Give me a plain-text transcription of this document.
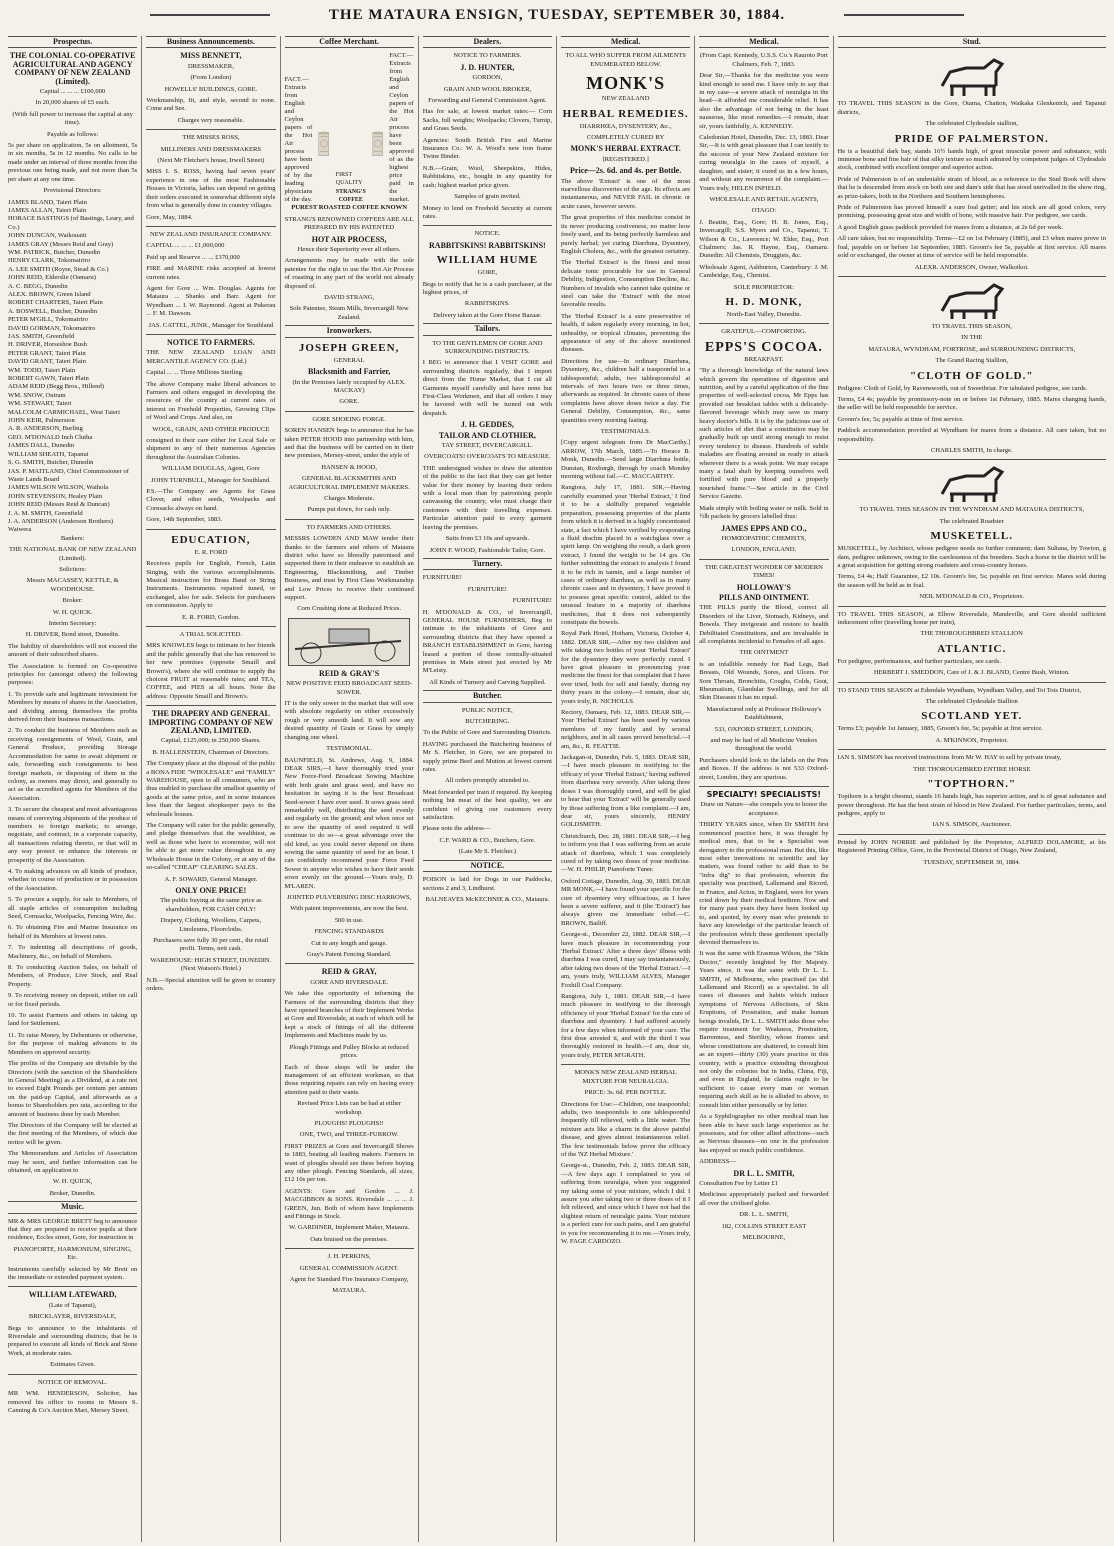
THE MATAURA ENSIGN, TUESDAY, SEPTEMBER 30, 1884.
Prospectus.
THE COLONIAL CO-OPERATIVE AGRICULTURAL AND AGENCY COMPANY OF NEW ZEALAND (Limited).

Capital ... ... ... £100,000

In 20,000 shares of £5 each.

(With full power to increase the capital at any time).

Payable as follows:

5s per share on application, 5s on allotment, 5s in six months, 5s in 12 months. No calls to be made under an interval of three months from the previous one being made, and not more than 5s per share at any one time.

Provisional Directors:

JAMES BLAND, Taieri Plain

JAMES ALLAN, Taieri Plain

HORACE BASTINGS (of Bastings, Leary, and Co.)

JOHN DUNCAN, Waikouaiti

JAMES GRAY (Messrs Reid and Gray)

WM. PATRICK, Butcher, Dunedin

HENRY CLARK, Tokomairiro

A. LEE SMITH (Royse, Stead & Co.)

JOHN REID, Elderslie (Oamaru)

A. C. BEGG, Dunedin

ALEX. BROWN, Green Island

ROBERT CHARTERS, Taieri Plain

A. BOSWELL, Butcher, Dunedin

PETER M'GILL, Tokomairiro

DAVID GORMAN, Tokomairiro

JAS. SMITH, Greenfield

H. DRIVER, Horseshoe Bush

PETER GRANT, Taieri Plain

DAVID GRANT, Taieri Plain

WM. TODD, Taieri Plain

ROBERT GAWN, Taieri Plain

ADAM REID (Begg Bros., Hillend)

WM. SNOW, Outram

WM. STEWART, Taieri

MALCOLM CARMICHAEL, West Taieri

JOHN KEIR, Palmerston

A. R. ANDERSON, Burling

GEO. M'DONALD Inch Clutha

JAMES DALL, Dunedin

WILLIAM SHEATH, Tapanui

S. G. SMITH, Butcher, Dunedin

JAS. P. MAITLAND, Chief Commissioner of Waste Lands Board

JAMES WILSON WILSON, Waihola

JOHN STEVENSON, Healey Plain

JOHN REID (Messrs Reid & Duncan)

J. A. M. SMITH, Greenfield

J. A. ANDERSON (Anderson Brothers) Waiwera

Bankers:

THE NATIONAL BANK OF NEW ZEALAND (Limited).

Solicitors:

Messrs MACASSEY, KETTLE, & WOODHOUSE.

Broker:

W. H. QUICK.

Interim Secretary:

H. DRIVER, Bond street, Dunedin.

The liability of shareholders will not exceed the amount of their subscribed shares.

The Association is formed on Co-operative principles for (amongst others) the following purposes:

1. To provide safe and legitimate investment for Members by means of shares in the Association, and dividing among themselves the profits derived from their business transactions.

2. To conduct the business of Members such as receiving consignments of Wool, Grain, and General Produce, providing Storage Accommodation for same to await shipment or sale, forwarding such consignments to best foreign markets, or disposing of them in the colony, as owners may direct, and generally to act as the accredited agents for Members of the Association.

3. To secure the cheapest and most advantageous means of conveying shipments of the produce of members to foreign markets; to arrange, negotiate, and contract, in a corporate capacity, all transactions relating thereto, or that will in any way protect or enhance the interests or prosperity of the Association.

4. To making advances on all kinds of produce, whether in course of production or in possession of the Association.

5. To procure a supply, for sale to Members, of all staple articles of consumption including Seed, Cornsacks, Woolpacks, Fencing Wire, &c.

6. To obtaining Fire and Marine Insurance on behalf of its Members at lowest rates.

7. To indenting all descriptions of goods, Machinery, &c., on behalf of Members.

8. To conducting Auction Sales, on behalf of Members, of Produce, Live Stock, and Real Property.

9. To receiving money on deposit, either on call or for fixed periods.

10. To assist Farmers and others in taking up land for Settlement.

11. To raise Money, by Debentures or otherwise, for the purpose of making advances to its Members on approved security.

The profits of the Company are divisible by the Directors (with the sanction of the Shareholders in General Meeting) as a Dividend, at a rate not to exceed Eight Pounds per centum per annum on the paid-up Capital, and afterwards as a bonus to Shareholders pro rata, according to the amount of business done by each Member.

The Directors of the Company will be elected at the first meeting of the Members, of which due notice will be given.

The Memorandum and Articles of Association may be seen, and further information can be obtained, on application to

W. H. QUICK,

Broker, Dunedin.

Music.

MR & MRS GEORGE BRETT beg to announce that they are prepared to receive pupils at their residence, Eccles street, Gore, for instruction in

PIANOFORTE, HARMONIUM, SINGING, Etc.

Instruments carefully selected by Mr Brett on the immediate or extended payment system.

WILLIAM LATEWARD,

(Late of Tapanui),

BRICKLAYER, RIVERSDALE,

Begs to announce to the inhabitants of Riversdale and surrounding districts, that he is prepared to execute all kinds of Brick and Stone Work, at moderate rates.

Estimates Given.

NOTICE OF REMOVAL.

MR WM. HENDERSON, Solicitor, has removed his office to rooms in Messrs S. Canning & Co's Auction Mart, Mersey Street.

Business Announcements.
MISS BENNETT,

DRESSMAKER,

(From London)

HOWELLS' BUILDINGS, GORE.

Workmanship, fit, and style, second to none. Come and See.

Charges very reasonable.

THE MISSES ROSS,

MILLINERS AND DRESSMAKERS

(Next Mr Fletcher's house, Irwell Street)

MISS I. S. ROSS, having had seven years' experience in one of the most Fashionable Houses in Victoria, ladies can depend on getting their orders executed in somewhat different style from what is generally done in country villages.

Gore, May, 1884.

NEW ZEALAND INSURANCE COMPANY.

CAPITAL ... ... ... £1,000,000

Paid up and Reserve ... ... £370,000

FIRE and MARINE risks accepted at lowest current rates.

Agent for Gore ... Wm. Douglas. Agents for Mataura ... Shanks and Barr. Agent for Wyndham ... I. W. Raymond. Agent at Pukerau ... F. M. Dawson.

JAS. CATTEL, JUNR., Manager for Southland

NOTICE TO FARMERS.

THE NEW ZEALAND LOAN AND MERCANTILE AGENCY CO. (Ltd.)

Capital ... ... Three Millions Sterling.

The above Company make liberal advances to Farmers and others engaged in developing the resources of the country at current rates of interest on Freehold Properties, Growing Clips of Wool and Crops. And also, on

WOOL, GRAIN, AND OTHER PRODUCE

consigned to their care either for Local Sale or shipment to any of their numerous Agencies throughout the Australian Colonies.

WILLIAM DOUGLAS, Agent, Gore

JOHN TURNBULL, Manager for Southland.

P.S.—The Company are Agents for Grass Clover, and other seeds, Woolpacks and Cornsacks always on hand.

Gore, 14th September, 1883.

EDUCATION,

E. R. FORD

Receives pupils for English, French, Latin Singing, with the various accomplishments. Musical instruction for Brass Band or String Instruments. Instruments repaired tuned, or exchanged, also for sale. Selects for purchasers on commission. Apply to

E. R. FORD, Gordon.

A TRIAL SOLICITED.

MRS KNOWLES begs to intimate to her friends and the public generally that she has removed to her new premises (opposite Smaill and Brown's), where she will continue to supply the choicest FRUIT at reasonable rates; and TEA, COFFEE, and PIES at all hours. Note the address: Opposite Smaill and Brown's.

THE DRAPERY AND GENERAL IMPORTING COMPANY OF NEW ZEALAND, LIMITED.

Capital, £125,000; in 250,000 Shares.

B. HALLENSTEIN, Chairman of Directors.

The Company place at the disposal of the public a BONA FIDE "WHOLESALE" and "FAMILY" WAREHOUSE, open to all consumers, who are thus enabled to purchase the smallest quantity of goods at the same price, and in some instances less than the largest shopkeeper pays to the wholesale houses.

The Company will cater for the public generally, and pledge themselves that the wealthiest, as well as those who have to economise, will not be able to get more value throughout in any Wholesale House in the Colony, or at any of the so-called "CHEAP" CLEARING SALES.

A. F. SOWARD, General Manager.

ONLY ONE PRICE!

The public buying at the same price as shareholders, FOR CASH ONLY!

Drapery, Clothing, Woollens, Carpets, Linoleums, Floorcloths.

Purchasers save fully 30 per cent., the retail profit. Terms, nett cash.

WAREHOUSE: HIGH STREET, DUNEDIN. (Next Watson's Hotel.)

N.B.—Special attention will be given to country orders.

Coffee Merchant.
FACT.—Extracts from English and Ceylon papers of the Hot Air process have been approved of by the leading physicians of the day.
FIRST QUALITY
STRANG'S
COFFEE
FACT.—Extracts from English and Ceylon papers of the Hot Air process have been approved of as the highest price paid in the market.

PUREST ROASTED COFFEE KNOWN

STRANG'S RENOWNED COFFEES ARE ALL PREPARED BY HIS PATENTED

HOT AIR PROCESS,

Hence their Superiority over all others.

Arrangements may be made with the sole patentee for the right to use the Hot Air Process of roasting in any part of the world not already disposed of.

DAVID STRANG,

Sole Patentee, Steam Mills, Invercargill New Zealand.

Ironworkers.
JOSEPH GREEN,

GENERAL

Blacksmith and Farrier,

(In the Premises lately occupied by ALEX. MACKAY)

GORE.

GORE SHOEING FORGE.

SOREN HANSEN begs to announce that he has taken PETER HOOD into partnership with him, and that the business will be carried on in their new premises, Mersey-street, under the style of

HANSEN & HOOD,

GENERAL BLACKSMITHS AND AGRICULTURAL IMPLEMENT MAKERS.

Charges Moderate.

Pumps put down, for cash only.

TO FARMERS AND OTHERS.

MESSRS LOWDEN AND MAW tender their thanks to the farmers and others of Mataura district who have so liberally patronised and supported them in their endeavor to establish an Engineering, Blacksmithing, and Timber Business, and trust by First Class Workmanship and Low Prices to receive their continued support.

Corn Crushing done at Reduced Prices.

REID & GRAY'S

NEW POSITIVE FEED BROADCAST SEED-SOWER.

IT is the only sower in the market that will sow with absolute regularity on either excessively rough or very smooth land. It will sow any desired quantity of Grain or Grass by simply changing one wheel.

TESTIMONIAL.

BAUNFIELD, St. Andrews, Aug. 9, 1884. DEAR SIRS,—I have thoroughly tried your New Force-Feed Broadcast Sowing Machine with both grain and grass seed, and have no hesitation in saying it is the best Broadcast Seed-sower I have ever used. It sows grass seed remarkably well, distributing the seed evenly and regularly on the ground; and when once set to sow the quantity of seed required it will continue to do so—a great advantage over the old kind, as you could never depend on them sowing the same quantity of seed for an hour. I can confidently recommend your Force Feed Sower to anyone who wishes to have their seeds sown evenly on the ground.—Yours truly, D. M'LAREN.

JOINTED PULVERISING DISC HARROWS,

With patent improvements, are now the best.

500 in use.

FENCING STANDARDS

Cut to any length and gauge.

Gray's Patent Fencing Standard.

REID & GRAY,

GORE AND RIVERSDALE.

We take this opportunity of informing the Farmers of the surrounding districts that they have opened branches of their Implement Works at Gore and Riversdale, at each of which will be kept a stock of fittings of all the different Implements and Machines made by us.

Plough Fittings and Pulley Blocks at reduced prices.

Each of these shops will be under the management of an efficient workman, so that those requiring repairs can rely on having every attention paid to their wants.

Revised Price Lists can be had at either workshop.

PLOUGHS! PLOUGHS!!

ONE, TWO, and THREE-FURROW.

FIRST PRIZES at Gore and Invercargill Shows in 1883, beating all leading makers. Farmers in want of ploughs should see these before buying any other plough. Fencing Standards, all sizes, £12 10s per ton.

AGENTS: Gore and Gordon ... J. MACGIBBON & SONS. Riversdale ... ... ... J. GREEN, Jun. Both of whom have Implements and Fittings in Stock.

W. GARDINER, Implement Maker, Mataura.

Oats bruised on the premises.

J. H. PERKINS,

GENERAL COMMISSION AGENT.

Agent for Standard Fire Insurance Company,

MATAURA.

Dealers.

NOTICE TO FARMERS.

J. D. HUNTER,

GORDON,

GRAIN AND WOOL BROKER,

Forwarding and General Commission Agent.

Has for sale, at lowest market rates:— Corn Sacks, full weights; Woolpacks; Clovers, Turnip, and Grass Seeds.

Agencies: South British Fire and Marine Insurance Co.: W. A. Wood's new iron frame Twine Binder.

N.B.—Grain, Wool, Sheepskins, Hides, Rabbitskins, etc., bought in any quantity for cash; highest market price given.

Samples of grain invited.

Money to lend on Freehold Security at current rates.

NOTICE.

RABBITSKINS! RABBITSKINS!
WILLIAM HUME

GORE,

Begs to notify that he is a cash purchaser, at the highest prices, of

RABBITSKINS.

Delivery taken at the Gore Horse Bazaar.

Tailors.

TO THE GENTLEMEN OF GORE AND SURROUNDING DISTRICTS.

I BEG to announce that I VISIT GORE and surrounding districts regularly, that I import direct from the Home Market, that I cut all Garments myself carefully and have none but First-Class Workmen, and that all orders I may be favored with will be turned out with despatch.

J. H. GEDDES,
TAILOR AND CLOTHIER,

TAY STREET, INVERCARGILL.

OVERCOATS! OVERCOATS TO MEASURE.

THE undersigned wishes to draw the attention of the public to the fact that they can get better value for their money by leaving their orders with a local man than by patronising people canvassing the country, who must charge their customers with their travelling expenses. Particular attention paid to every garment leaving the premises.

Suits from £3 10s and upwards.

JOHN F. WOOD, Fashionable Tailor, Gore.

Turnery.

FURNITURE!

FURNITURE!

FURNITURE!

H. M'DONALD & CO., of Invercargill, GENERAL HOUSE FURNISHERS, Beg to intimate to the inhabitants of Gore and surrounding districts that they have opened a BRANCH ESTABLISHMENT in Gore, having leased a portion of those centrally-situated premises in Main street just erected by Mr M'Leisty.

All Kinds of Turnery and Carving Supplied.

Butcher.

PUBLIC NOTICE,

BUTCHERING.

To the Public of Gore and Surrounding Districts.

HAVING purchased the Butchering business of Mr S. Fletcher, in Gore, we are prepared to supply prime Beef and Mutton at lowest current rates.

All orders promptly attended to.

Meat forwarded per train if required. By keeping nothing but meat of the best quality, we are confident of giving our customers every satisfaction.

Please note the address—

C.F. WARD & CO., Butchers, Gore.

(Late Mr S. Fletcher.)

NOTICE.

POISON is laid for Dogs in our Paddocks, sections 2 and 3, Lindhurst.

BALNEAVES McKECHNIE & CO., Mataura.

Medical.

TO ALL WHO SUFFER FROM AILMENTS ENUMERATED BELOW.

MONK'S

NEW ZEALAND

HERBAL REMEDIES.

DIARRHŒA, DYSENTERY, &c.,

COMPLETELY CURED BY

MONK'S HERBAL EXTRACT.

[REGISTERED.]

Price—2s. 6d. and 4s. per Bottle.

The above 'Extract' is one of the most marvellous discoveries of the age. Its effects are instantaneous, and NEVER FAIL in chronic or acute cases, however severe.

The great properties of this medicine consist in its never producing costiveness, no matter how freely used, and its being perfectly harmless and purely herbal; yet curing Diarrhœa, Dysentery, English Cholera, &c., with the greatest certainty.

The 'Herbal Extract' is the finest and most delicate tonic procurable for use in General Debility, Indigestion, Consumption Decline, &c. Numbers of invalids who cannot take quinine or steel can take the 'Extract' with the most favorable results.

The 'Herbal Extract' is a sure preservative of health, if taken regularly every morning, in hot, unhealthy, or tropical climates, preventing the appearance of any of the above mentioned diseases.

Directions for use—In ordinary Diarrhœa, Dysentery, &c., children half a teaspoonful to a tablespoonful; adults, two tablespoonsful at intervals of two hours two or three times, afterwards as required. In chronic cases of these complaints have above doses twice a day. For General Debility, Consumption, &c., same quantities every morning fasting.

TESTIMONIALS.

[Copy urgent telegram from Dr MacCarthy.] ARROW, 17th March, 1885.—To Horace B. Monk, Dunedin.—Send large Diarrhœa bottle, Dunstan, Roxburgh, through by coach Monday morning without fail.—C. MACCARTHY.

Rangiora, July 17, 1881. SIR,—Having carefully examined your 'Herbal Extract,' I find it to be a skilfully prepared vegetable preparation, possessing properties of the plants from which it is derived in a highly concentrated state, a fact which I have verified by evaporating a fluid drachm placed in a watchglass over a spirit lamp. On weighing the result, a dark green extract, I found the weight to be 14 grs. On further submitting the extract to analysis I found it to be rich in tannin, and a large number of cases of ordinary diarrhœa, as well as in many chronic cases and in dysentery, I have proved it to possess great specific control, added to the unusual feature in a majority of diarrhœa medicines, that it does not subsequently constipate the bowels.

Royal Park Hotel, Hotham, Victoria, October 4, 1882. DEAR SIR,—After my two children and wife taking two bottles of your 'Herbal Extract' for the dysentery they were perfectly cured. I have great pleasure in pronouncing your medicine the finest for that complaint that I have ever tried, both for self and family, during my thirty years in the colony.—I remain, dear sir, yours truly, R. NICHOLLS.

Rectory, Oamaru, Feb. 12, 1883. DEAR SIR,—Your 'Herbal Extract' has been used by various members of my family and by several neighbors, and in all cases proved beneficial.—I am, &c., R. FEATTIE.

Jackagan-st, Dunedin, Feb. 5, 1883. DEAR SIR,—I have much pleasure in testifying to the efficacy of your 'Herbal Extract,' having suffered from diarrhœa very severely. After taking three doses I was thoroughly cured, and will be glad to hear that your 'Extract' will be generally used by those suffering from a like complaint.—I am, dear sir, yours sincerely, HENRY GOLDSMITH.

Christchurch, Dec. 28, 1881. DEAR SIR,—I beg to inform you that I was suffering from an acute attack of diarrhœa, which I was completely cured of by taking two doses of your medicine.—W. H. PHILIP, Pianoforte Tuner.

Oxford Cottage, Dunedin, Aug. 30, 1883. DEAR MR MONK,—I have found your specific for the cure of dysentery very efficacious, as I have been a severe sufferer, and it (the 'Extract') has always given me immediate relief.—C. BROWN, Bailiff.

George-st., December 22, 1882. DEAR SIR,—I have much pleasure in recommending your 'Herbal Extract.' After a three days' illness with diarrhœa I was cured, I may say instantaneously, after taking two doses of the 'Herbal Extract.'—I am, yours truly, WILLIAM ALVES, Manager Foxhill Coal Company.

Rangiora, July 1, 1881. DEAR SIR,—I have much pleasure in testifying to the thorough efficiency of your 'Herbal Extract' for the cure of diarrhœa and dysentery. I had suffered acutely for a few days when informed of your cure. The first dose arrested it, and with the third I was thoroughly restored in health.—I am, dear sir, yours truly, PETER M'GRATH.

MONK'S NEW ZEALAND HERBAL MIXTURE FOR NEURALGIA.

PRICE: 3s. 6d. PER BOTTLE.

Directions for Use:—Children, one teaspoonful; adults, two teaspoonfuls to one tablespoonful frequently till relieved, with a little water. The mixture acts like a charm in the above painful disease, and gives almost instantaneous relief. The few testimonials below prove the efficacy of the 'NZ Herbal Mixture.'

George-st., Dunedin, Feb. 2, 1883. DEAR SIR,—A few days ago I complained to you of suffering from neuralgia, when you suggested my taking some of your mixture, which I did. I assure you after taking two or three doses of it I felt relieved, and since which I have not had the slightest return of neuralgic pains. Your mixture is a perfect cure for such pains, and I am grateful to you for recommending it to me.—Yours truly, W. FAGE CARDOZO.

Medical.

(From Capt. Kennedy, U.S.S. Co.'s Rauroto Port Chalmers, Feb. 7, 1883.

Dear Sir,—Thanks for the medicine you were kind enough to send me. I have only to say that in my case—a severe attack of neuralgia in the head—it afforded me considerable relief. It has also the advantage of not being in the least nauseous, like most remedies.—I remain, dear sir, yours faithfully, A. KENNEDY.

Caledonian Hotel, Dunedin, Dec. 13, 1883. Dear Sir,—It is with great pleasure that I can testify to the success of your New Zealand mixture for curing neuralgia in the cases of myself, a daughter, and sister; it cured us in a few hours, and without any recurrence of the complaint.—Yours truly, HELEN INFIELD.

WHOLESALE AND RETAIL AGENTS,

OTAGO:

J. Beattie, Esq., Gore; H. B. Jones, Esq., Invercargill; S.S. Myers and Co., Tapanui; T. Wilson & Co., Lawrence; W. Elder, Esq., Port Chalmers; Jas. R. Hayne, Esq., Oamaru. Dunedin: All Chemists, Druggists, &c.

Wholesale Agent, Ashburton, Canterbury: J. M. Cambridge, Esq., Chemist.

SOLE PROPRIETOR:

H. D. MONK,

North-East Valley, Dunedin.

GRATEFUL—COMFORTING.

EPPS'S COCOA.

BREAKFAST.

"By a thorough knowledge of the natural laws which govern the operations of digestion and nutrition, and by a careful application of the fine properties of well-selected cocoa, Mr Epps has provided our breakfast tables with a delicately-flavored beverage which may save us many heavy doctor's bills. It is by the judicious use of such articles of diet that a constitution may be gradually built up until strong enough to resist every tendency to disease. Hundreds of subtle maladies are floating around us ready to attack wherever there is a weak point. We may escape many a fatal shaft by keeping ourselves well fortified with pure blood and a properly nourished frame."—See article in the Civil Service Gazette.

Made simply with boiling water or milk. Sold in ½lb packets by grocers labelled thus:

JAMES EPPS AND CO.,

HOMŒOPATHIC CHEMISTS,

LONDON, ENGLAND.

THE GREATEST WONDER OF MODERN TIMES!

HOLLOWAY'S
PILLS AND OINTMENT.

THE PILLS purify the Blood, correct all Disorders of the Liver, Stomach, Kidneys, and Bowels. They invigorate and restore to health Debilitated Constitutions, and are invaluable in all complaints incidental to Females of all ages.

THE OINTMENT

is an infallible remedy for Bad Legs, Bad Breasts, Old Wounds, Sores, and Ulcers. For Sore Throats, Bronchitis, Coughs, Colds, Gout, Rheumatism, Glandular Swellings, and for all Skin Diseases it has no equal.

Manufactured only at Professor Holloway's Establishment,

533, OXFORD STREET, LONDON,

and may be had of all Medicine Vendors throughout the world.

Purchasers should look to the labels on the Pots and Boxes. If the address is not 533 Oxford-street, London, they are spurious.

SPECIALTY! SPECIALISTS!

Draw on Nature—she compels you to honor the acceptance.

THIRTY YEARS since, when Dr SMITH first commenced practice here, it was thought by medical men, that to be a Specialist was derogatory to the professional man. But this, like most other innovations in scientific and lay matters, was found rather to add than to be "infra dig" to that profession, wherein the specialty was practised, Lallemand and Ricord, in France, and Acton, in England, were for years cried down by their medical brethren. Now and for many past years they have been looked up to, and quoted, by every man who pretends to have any knowledge of the particular branch of the profession which these gentlemen specially devoted themselves to.

It was the same with Erasmus Wilson, the "Skin Doctor," recently knighted by Her Majesty. Years since, it was the same with Dr L. L. SMITH, of Melbourne, who practised (as did Lallemand and Ricord) as a specialist. In all cases of diseases and habits which induce symptoms of Nervous Affections, of Skin Eruptions, of Prostration, and make human beings invalids, Dr L. L. SMITH asks those who require treatment for Weakness, Prostration, Barrenness, and Sterility, whose frames and whose constitutions are shattered, to consult him as an expert—thirty (30) years practice in this country, with a practice extending throughout not only the colonies but in India, China, Fiji, and even in England, he claims ought to be sufficient to cause every man or woman requiring such skill as he is alluded to above, to consult him either personally or by letter.

As a Syphilographer no other medical man has been able to have such large experience as he possesses, and for other allied affections—such as Nervous diseases—no one in the profession has enjoyed so much public confidence.

ADDRESS—

DR L. L. SMITH,

Consultation Fee by Letter £1

Medicines appropriately packed and forwarded all over the civilised globe.

DR. L. L. SMITH,

182, COLLINS STREET EAST

MELBOURNE,

Stud.

TO TRAVEL THIS SEASON in the Gore, Otama, Chatton, Waikaka Glenkenich, and Tapanui districts,

The celebrated Clydesdale stallion,

PRIDE OF PALMERSTON.

He is a beautiful dark bay, stands 16½ hands high, of great muscular power and substance, with immense bone and fine hair of that silky texture so much admired by competent judges of Clydesdale stock, combined with excellent temper and superior action.

Pride of Palmerston is of an undeniable strain of blood, as a reference to the Stud Book will show that he is descended from stock on both sire and dam's side that has stood unrivalled in the show ring, as prize-takers, both in the Northern and Southern hemispheres.

Pride of Palmerston has proved himself a sure foal getter; and his stock are all good colors, very promising, possessing great size and width of bone, with massive hair. For pedigree, see cards.

A good English grass paddock provided for mares from a distance, at 2s 6d per week.

All care taken, but no responsibility. Terms—£2 on 1st February (1885), and £3 when mares prove in foal, payable on or before 1st September, 1885. Groom's fee 5s, payable at first service. All mares sold or exchanged, the owner at time of service will be held responsible.

ALEXR. ANDERSON, Owner, Walkoikoi.

TO TRAVEL THIS SEASON,

IN THE

MATAURA, WYNDHAM, FORTROSE, and SURROUNDING DISTRICTS,

The Grand Racing Stallion,

"CLOTH OF GOLD."

Pedigree: Cloth of Gold, by Ravensworth, out of Sweetbriar. For tabulated pedigree, see cards.

Terms, £4 4s; payable by promissory-note on or before 1st February, 1885. Mares changing hands, the seller will be held responsible for service.

Groom's fee, 5s; payable at time of first service.

Paddock accommodation provided at Wyndham for mares from a distance. All care taken, but no responsibility.

CHARLES SMITH, In charge.

TO TRAVEL THIS SEASON IN THE WYNDHAM AND MATAURA DISTRICTS,

The celebrated Roadster

MUSKETELL.

MUSKETELL, by Architect, whose pedigree needs no further comment; dam Sultana, by Towton, g dam, pedigree unknown, owing to the carelessness of the breeders. Such a horse in the district will be a great acquisition for getting strong roadsters and cross-country horses.

Terms, £4 4s; Half Guarantee, £2 10s. Groom's fee, 5s; payable on first service. Mares sold during the season will be held as in foal.

NEIL M'DONALD & CO., Proprietors.

TO TRAVEL THIS SEASON, at Elbow Riversdale, Mandeville, and Gore should sufficient inducement offer (travelling home per train),

THE THOROUGHBRED STALLION

ATLANTIC.

For pedigree, performances, and further particulars, see cards.

HERBERT J. SMEDDON, Care of J. & J. BLAND, Centre Bush, Winton.

TO STAND THIS SEASON at Edendale Wyndham, Wyndham Valley, and Toi Tois District,

The celebrated Clydesdale Stallion

SCOTLAND YET.

Terms £3; payable 1st January, 1885, Groom's fee, 5s; payable at first service.

A. M'KINNON, Proprietor.

IAN S. SIMSON has received instructions from Mr W. HAY to sell by private treaty,

THE THOROUGHBRED ENTIRE HORSE

"TOPTHORN."

Topthorn is a bright chesnut, stands 16 hands high, has superior action, and is of great substance and power throughout. He has the best strain of blood in New Zealand. For further particulars, terms, and pedigree, apply to

IAN S. SIMSON, Auctioneer.

Printed by JOHN NORRIE and published by the Proprietor, ALFRED DOLAMORE, at his Registered Printing Office, Gore, in the Provincial District of Otago, New Zealand,

TUESDAY, SEPTEMBER 30, 1884.
